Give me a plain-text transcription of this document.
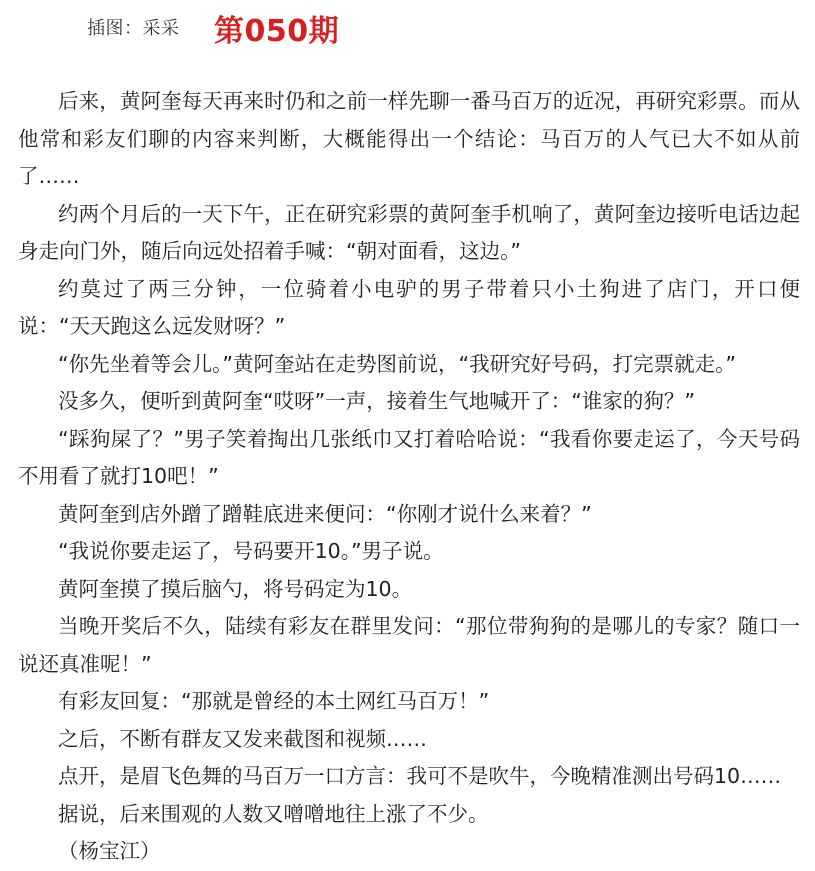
插图：采采 第050期

后来，黄阿奎每天再来时仍和之前一样先聊一番马百万的近况，再研究彩票。而从他常和彩友们聊的内容来判断，大概能得出一个结论：马百万的人气已大不如从前了……

约两个月后的一天下午，正在研究彩票的黄阿奎手机响了，黄阿奎边接听电话边起身走向门外，随后向远处招着手喊：“朝对面看，这边。”

约莫过了两三分钟，一位骑着小电驴的男子带着只小土狗进了店门，开口便说：“天天跑这么远发财呀？”

“你先坐着等会儿。”黄阿奎站在走势图前说，“我研究好号码，打完票就走。”

没多久，便听到黄阿奎“哎呀”一声，接着生气地喊开了：“谁家的狗？”

“踩狗屎了？”男子笑着掏出几张纸巾又打着哈哈说：“我看你要走运了，今天号码不用看了就打10吧！”

黄阿奎到店外蹭了蹭鞋底进来便问：“你刚才说什么来着？”

“我说你要走运了，号码要开10。”男子说。

黄阿奎摸了摸后脑勺，将号码定为10。

当晚开奖后不久，陆续有彩友在群里发问：“那位带狗狗的是哪儿的专家？随口一说还真准呢！”

有彩友回复：“那就是曾经的本土网红马百万！”

之后，不断有群友又发来截图和视频……

点开，是眉飞色舞的马百万一口方言：我可不是吹牛，今晚精准测出号码10……

据说，后来围观的人数又噌噌地往上涨了不少。

（杨宝江）
